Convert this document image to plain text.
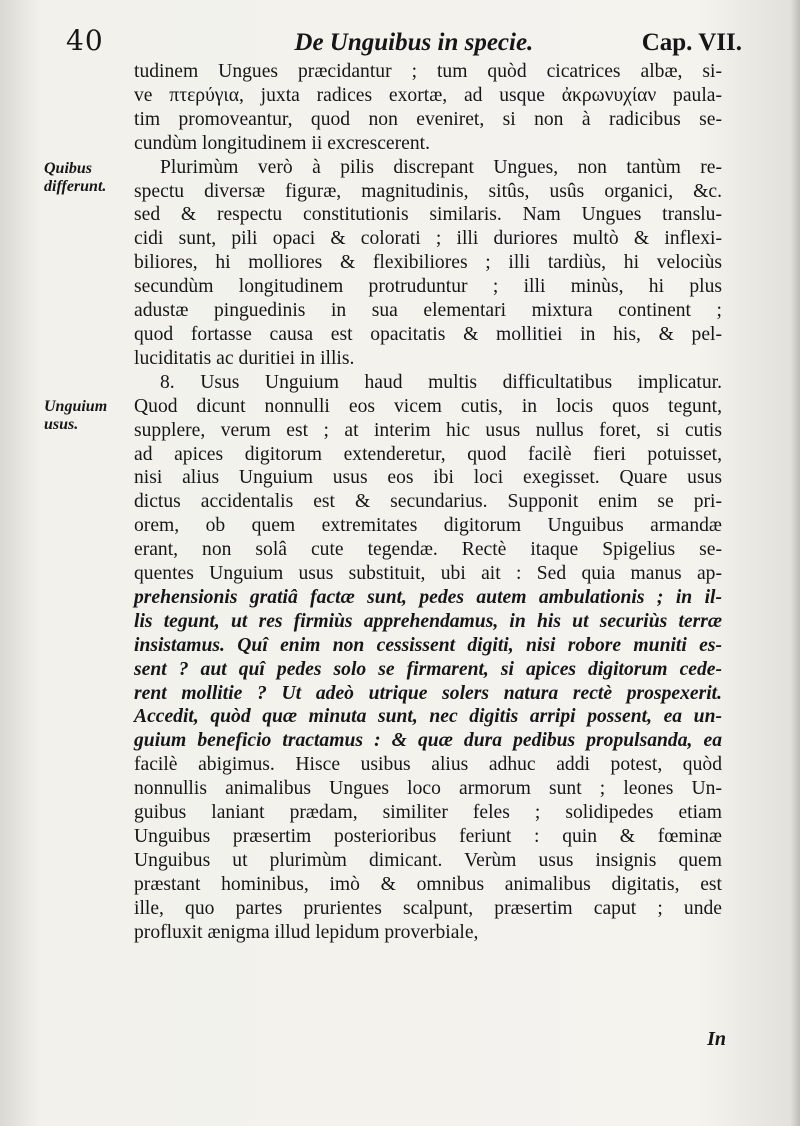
40	De Unguibus in specie.	Cap. VII.
Quibus differunt.
Unguium usus.
tudinem Ungues præcidantur ; tum quòd cicatrices albæ, si-
ve πτερύγια, juxta radices exortæ, ad usque ἀκρωνυχίαν paula-
tim promoveantur, quod non eveniret, si non à radicibus se-
cundùm longitudinem ii excrescerent.
Plurimùm verò à pilis discrepant Ungues, non tantùm re-
spectu diversæ figuræ, magnitudinis, sitûs, usûs organici, &c.
sed & respectu constitutionis similaris. Nam Ungues translu-
cidi sunt, pili opaci & colorati ; illi duriores multò & inflexi-
biliores, hi molliores & flexibiliores ; illi tardiùs, hi velociùs
secundùm longitudinem protruduntur ; illi minùs, hi plus
adustæ pinguedinis in sua elementari mixtura continent ;
quod fortasse causa est opacitatis & mollitiei in his, & pel-
luciditatis ac duritiei in illis.
8. Usus Unguium haud multis difficultatibus implicatur.
Quod dicunt nonnulli eos vicem cutis, in locis quos tegunt,
supplere, verum est ; at interim hic usus nullus foret, si cutis
ad apices digitorum extenderetur, quod facilè fieri potuisset,
nisi alius Unguium usus eos ibi loci exegisset. Quare usus
dictus accidentalis est & secundarius. Supponit enim se pri-
orem, ob quem extremitates digitorum Unguibus armandæ
erant, non solâ cute tegendæ. Rectè itaque Spigelius se-
quentes Unguium usus substituit, ubi ait : Sed quia manus ap-
prehensionis gratiâ factæ sunt, pedes autem ambulationis ; in il-
lis tegunt, ut res firmiùs apprehendamus, in his ut securiùs terræ
insistamus. Quî enim non cessissent digiti, nisi robore muniti es-
sent ? aut quî pedes solo se firmarent, si apices digitorum cede-
rent mollitie ? Ut adeò utrique solers natura rectè prospexerit.
Accedit, quòd quæ minuta sunt, nec digitis arripi possent, ea un-
guium beneficio tractamus : & quæ dura pedibus propulsanda, ea
facilè abigimus. Hisce usibus alius adhuc addi potest, quòd
nonnullis animalibus Ungues loco armorum sunt ; leones Un-
guibus laniant prædam, similiter feles ; solidipedes etiam
Unguibus præsertim posterioribus feriunt : quin & fœminæ
Unguibus ut plurimùm dimicant. Verùm usus insignis quem
præstant hominibus, imò & omnibus animalibus digitatis, est
ille, quo partes prurientes scalpunt, præsertim caput ; unde
profluxit ænigma illud lepidum proverbiale,
In
